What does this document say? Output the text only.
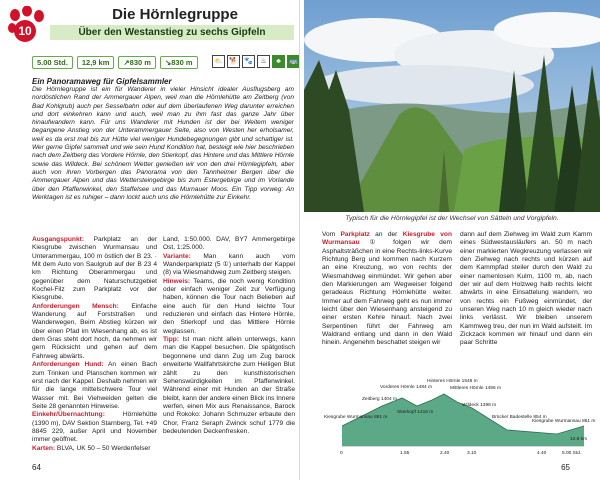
10
Die Hörnlegruppe
Über den Westanstieg zu sechs Gipfeln
5.00 Std.	12,9 km	↗830 m	↘830 m	⛅ 🐕 🐾	♨	♣	🚌
Ein Panoramaweg für Gipfelsammler

Die Hörnlegruppe ist ein für Wanderer in vieler Hinsicht idealer Ausflugsberg am nordöstlichen Rand der Ammergauer Alpen, weil man die Hörnlehütte am Zeitberg (von Bad Kohlgrub) auch per Sesselbahn oder auf dem überlaufenen Weg darunter erreichen und dort einkehren kann und auch, weil man zu ihm fast das ganze Jahr über hinaufwandern kann. Für uns Wanderer mit Hunden ist der bei Weitem weniger begangene Anstieg von der Unterammergauer Seite, also von Westen her erholsamer, weil es da erst mal bis zur Hütte viel weniger Hundebegegnungen gibt und schattiger ist. Wer gerne Gipfel sammelt und wie sein Hund Kondition hat, besteigt wie hier beschrieben nach dem Zeitberg das Vordere Hörnle, den Stierkopf, das Hintere und das Mittlere Hörnle sowie das Wildeck. Bei schönem Wetter genießen wir von den drei Hörnlegipfeln, aber auch von ihren Vorbergen das Panorama von den Tannheimer Bergen über die Ammergauer Alpen und das Wettersteingebirge bis zum Estergebirge und im Vorlande über den Pfaffenwinkel, den Staffelsee und das Murnauer Moos. Ein Tipp vorweg: An Werktagen ist es ruhiger – dann lockt auch uns die Hörnlehütte zur Einkehr.

Ausgangspunkt: Parkplatz an der Kiesgrube zwischen Wurmansau und Unterammergau, 100 m östlich der B 23. · Mit dem Auto von Saulgrub auf der B 23 4 km Richtung Oberammergau und gegenüber dem Naturschutzgebiet Kochel-Filz zum Parkplatz vor der Kiesgrube.
Anforderungen Mensch: Einfache Wanderung auf Forststraßen und Wanderwegen, Beim Abstieg kürzen wir über einen Pfad im Wiesenhang ab, es ist dem Gras steht dort hoch, da nehmen wir gern Rücksicht und gehen auf dem Fahrweg abwärts.
Anforderungen Hund: An einen Bach zum Trinken und Planschen kommen wir erst nach der Kappel. Deshalb nehmen wir für die lange mittelschwere Tour viel Wasser mit. Bei Viehweiden gelten die Seite 28 genannten Hinweise.
Einkehr/Übernachtung: Hörnlehütte (1390 m), DAV Sektion Starnberg, Tel. +49 8845 229, außer April und November immer geöffnet.
Karten: BLVA, UK 50 – 50 Werdenfelser
Land, 1:50.000. DAV, BY7 Ammergebirge Ost, 1:25.000.
Variante: Man kann auch vom Wanderparkplatz (5 ①) unterhalb der Kappel (8) via Wiesmahdweg zum Zeitberg steigen.
Hinweis: Teams, die noch wenig Kondition oder einfach weniger Zeit zur Verfügung haben, können die Tour nach Belieben auf eine auch für den Hund leichte Tour reduzieren und einfach das Hintere Hörnle, den Stierkopf und das Mittlere Hörnle weglassen.
Tipp: Ist man nicht allein unterwegs, kann man die Kappel besuchen. Die spätgotisch begonnene und dann Zug um Zug barock erweiterte Wallfahrtskirche zum Heiligen Blut zählt zu den kunsthistorischen Sehenswürdigkeiten im Pfaffenwinkel. Während einer mit Hunden an der Straße bleibt, kann der andere einen Blick ins Innere werfen, einen Mix aus Renaissance, Barock und Rokoko: Johann Schmuzer erbaute den Chor, Franz Seraph Zwinck schuf 1779 die bedeutenden Deckenfresken.
64
Typisch für die Hörnlegipfel ist der Wechsel von Sätteln und Vorgipfeln.
Vom Parkplatz an der Kiesgrube von Wurmansau ① folgen wir dem Asphaltsträßchen in eine Rechts-links-Kurve Richtung Berg und kommen nach Kurzem an eine Kreuzung, wo von rechts der Wiesmahdweg einmündet. Wir gehen aber den Markierungen am Wegweiser folgend geradeaus Richtung Hörnlehütte weiter. Immer auf dem Fahrweg geht es nun immer leicht über den Wiesenhang ansteigend zu einer ersten Kehre hinauf. Nach zwei Serpentinen führt der Fahrweg am Waldrand entlang und dann in den Wald hinein. Angenehm beschattet steigen wir
dann auf dem Ziehweg im Wald zum Kamm eines Südwestausläufers an. 50 m nach einer markierten Wegkreuzung verlassen wir den Ziehweg nach rechts und kürzen auf dem Kammpfad steiler durch den Wald zu einer namenlosen Kulm, 1100 m, ab, nach der wir auf dem Holzweg halb rechts leicht abwärts in eine Einsattelung wandern, wo von rechts ein Fußweg einmündet, der unseren Weg nach 10 m gleich wieder nach links verlässt. Wir bleiben unserem Kammweg treu, der nun im Wald aufsteilt. Im Zickzack kommen wir hinauf und dann ein paar Schritte
Kiesgrube Wurmansau 861 m
Zeitberg 1404 m
Vorderes Hörnle 1484 m
Stierkopf 1416 m
Hinteres Hörnle 1548 m
Mittleres Hörnle 1496 m
Wildeck 1398 m
Brücke/ Badestelle 854 m
Kiesgrube Wurmansau 861 m
0	1.55	2.40	3.10	4.40	5.00 Std.
12.9 km
65
